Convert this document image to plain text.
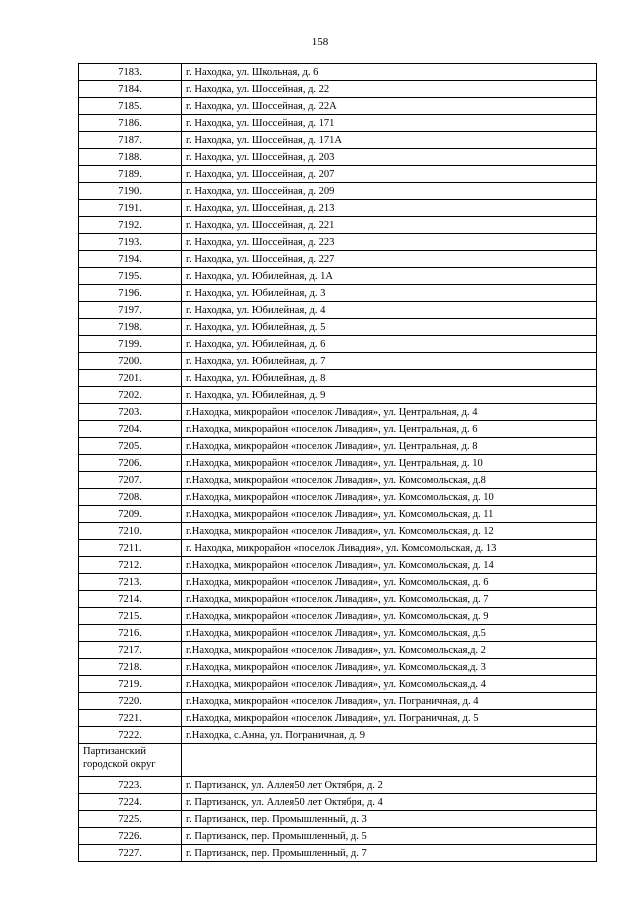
158
7183.	г. Находка, ул. Школьная, д. 6
7184.	г. Находка, ул. Шоссейная, д. 22
7185.	г. Находка, ул. Шоссейная, д. 22А
7186.	г. Находка, ул. Шоссейная, д. 171
7187.	г. Находка, ул. Шоссейная, д. 171А
7188.	г. Находка, ул. Шоссейная, д. 203
7189.	г. Находка, ул. Шоссейная, д. 207
7190.	г. Находка, ул. Шоссейная, д. 209
7191.	г. Находка, ул. Шоссейная, д. 213
7192.	г. Находка, ул. Шоссейная, д. 221
7193.	г. Находка, ул. Шоссейная, д. 223
7194.	г. Находка, ул. Шоссейная, д. 227
7195.	г. Находка, ул. Юбилейная, д. 1А
7196.	г. Находка, ул. Юбилейная, д. 3
7197.	г. Находка, ул. Юбилейная, д. 4
7198.	г. Находка, ул. Юбилейная, д. 5
7199.	г. Находка, ул. Юбилейная, д. 6
7200.	г. Находка, ул. Юбилейная, д. 7
7201.	г. Находка, ул. Юбилейная, д. 8
7202.	г. Находка, ул. Юбилейная, д. 9
7203.	г.Находка, микрорайон «поселок Ливадия», ул. Центральная, д. 4
7204.	г.Находка, микрорайон «поселок Ливадия», ул. Центральная, д. 6
7205.	г.Находка, микрорайон «поселок Ливадия», ул. Центральная, д. 8
7206.	г.Находка, микрорайон «поселок Ливадия», ул. Центральная, д. 10
7207.	г.Находка, микрорайон «поселок Ливадия», ул. Комсомольская, д.8
7208.	г.Находка, микрорайон «поселок Ливадия», ул. Комсомольская, д. 10
7209.	г.Находка, микрорайон «поселок Ливадия», ул. Комсомольская, д. 11
7210.	г.Находка, микрорайон «поселок Ливадия», ул. Комсомольская, д. 12
7211.	г. Находка, микрорайон «поселок Ливадия», ул. Комсомольская, д. 13
7212.	г.Находка, микрорайон «поселок Ливадия», ул. Комсомольская, д. 14
7213.	г.Находка, микрорайон «поселок Ливадия», ул. Комсомольская, д. 6
7214.	г.Находка, микрорайон «поселок Ливадия», ул. Комсомольская, д. 7
7215.	г.Находка, микрорайон «поселок Ливадия», ул. Комсомольская, д. 9
7216.	г.Находка, микрорайон «поселок Ливадия», ул. Комсомольская, д.5
7217.	г.Находка, микрорайон «поселок Ливадия», ул. Комсомольская,д. 2
7218.	г.Находка, микрорайон «поселок Ливадия», ул. Комсомольская,д. 3
7219.	г.Находка, микрорайон «поселок Ливадия», ул. Комсомольская,д. 4
7220.	г.Находка, микрорайон «поселок Ливадия», ул. Пограничная, д. 4
7221.	г.Находка, микрорайон «поселок Ливадия», ул. Пограничная, д. 5
7222.	г.Находка, с.Анна, ул. Пограничная, д. 9
Партизанский городской округ	
7223.	г. Партизанск, ул. Аллея50 лет Октября, д. 2
7224.	г. Партизанск, ул. Аллея50 лет Октября, д. 4
7225.	г. Партизанск, пер. Промышленный, д. 3
7226.	г. Партизанск, пер. Промышленный, д. 5
7227.	г. Партизанск, пер. Промышленный, д. 7
